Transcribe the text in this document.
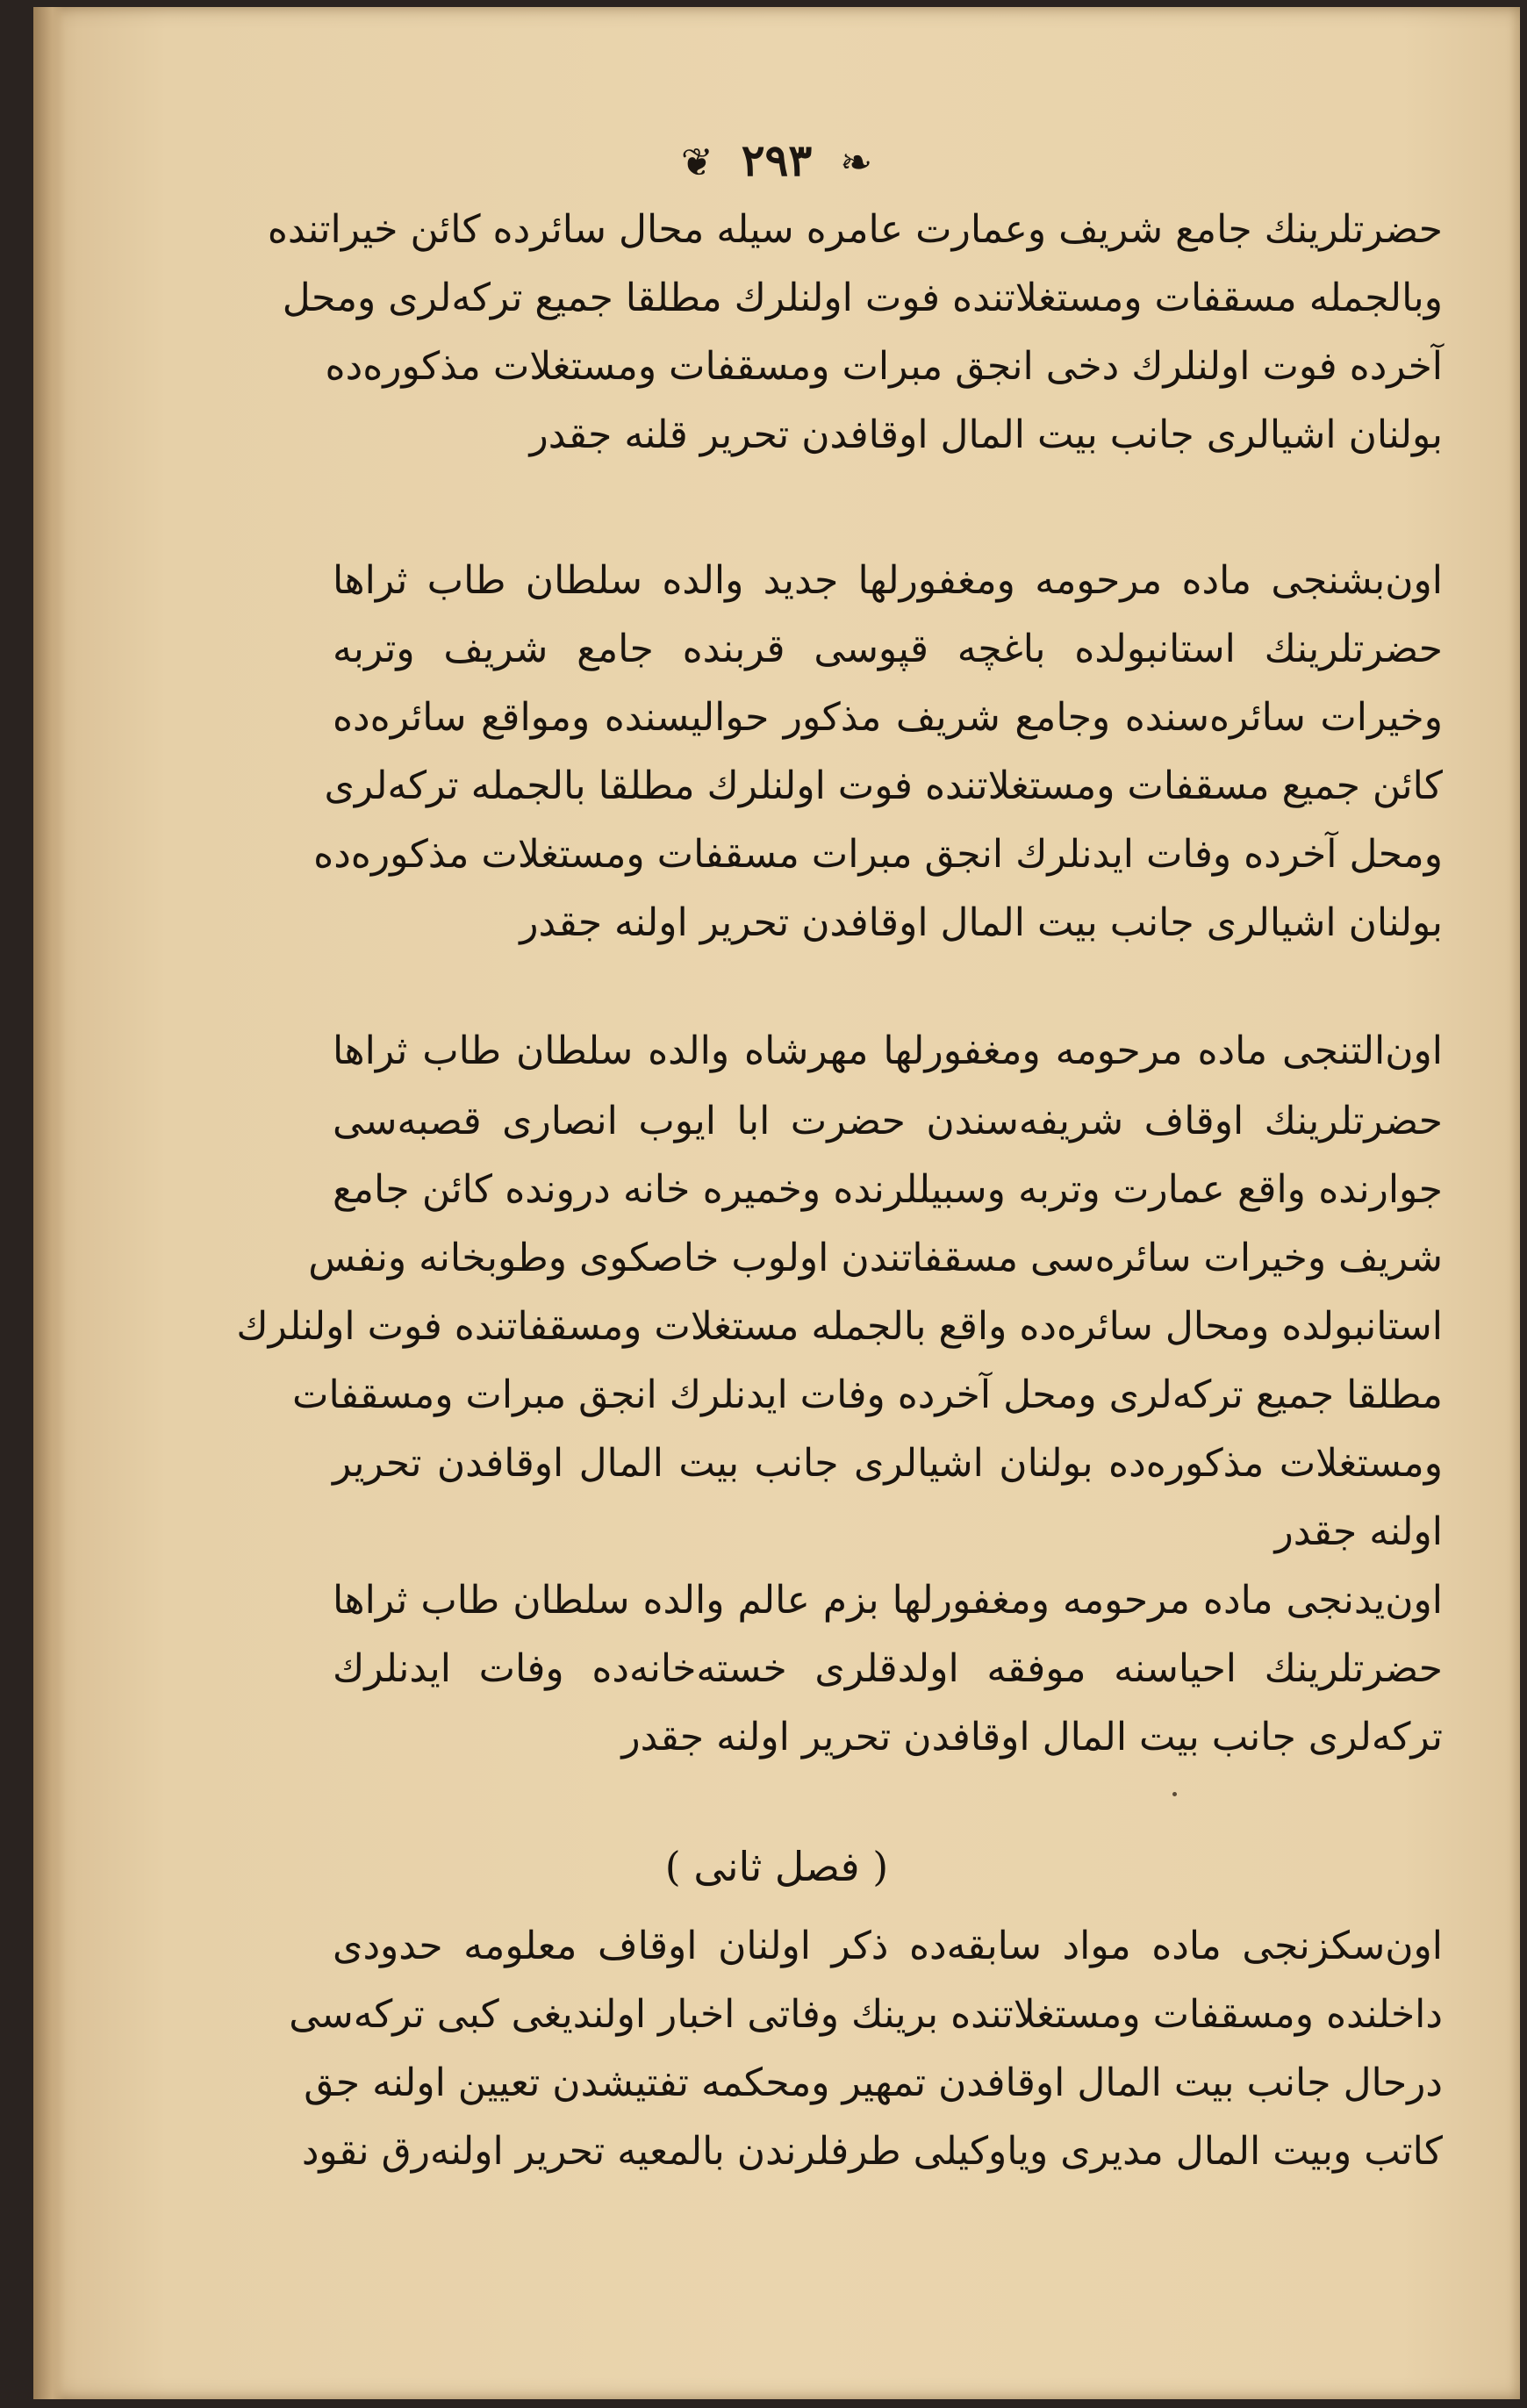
❧ ٢٩٣ ❦
حضرتلرینك جامع شریف وعمارت عامره سیله محال سائرده کائن خیراتنده
وبالجمله مسقفات ومستغلاتنده فوت اولنلرك مطلقا جمیع ترکه‌لری ومحل
آخرده فوت اولنلرك دخی انجق مبرات ومسقفات ومستغلات مذکوره‌ده
بولنان اشیالری جانب بیت المال اوقافدن تحریر قلنه جقدر
اون‌بشنجی ماده مرحومه ومغفورلها جدید والده سلطان طاب ثراها
حضرتلرینك استانبولده باغچه قپوسی قربنده جامع شریف وتربه
وخیرات سائره‌سنده وجامع شریف مذکور حوالیسنده ومواقع سائره‌ده
کائن جمیع مسقفات ومستغلاتنده فوت اولنلرك مطلقا بالجمله ترکه‌لری
ومحل آخرده وفات ایدنلرك انجق مبرات مسقفات ومستغلات مذکوره‌ده
بولنان اشیالری جانب بیت المال اوقافدن تحریر اولنه جقدر
اون‌التنجی ماده مرحومه ومغفورلها مهرشاه والده سلطان طاب ثراها
حضرتلرینك اوقاف شریفه‌سندن حضرت ابا ایوب انصاری قصبه‌سی
جوارنده واقع عمارت وتربه وسبیللرنده وخمیره خانه درونده کائن جامع
شریف وخیرات سائره‌سی مسقفاتندن اولوب خاصکوی وطوبخانه ونفس
استانبولده ومحال سائره‌ده واقع بالجمله مستغلات ومسقفاتنده فوت اولنلرك
مطلقا جمیع ترکه‌لری ومحل آخرده وفات ایدنلرك انجق مبرات ومسقفات
ومستغلات مذکوره‌ده بولنان اشیالری جانب بیت المال اوقافدن تحریر
اولنه جقدر
اون‌یدنجی ماده مرحومه ومغفورلها بزم عالم والده سلطان طاب ثراها
حضرتلرینك احیاسنه موفقه اولدقلری خسته‌خانه‌ده وفات ایدنلرك
ترکه‌لری جانب بیت المال اوقافدن تحریر اولنه جقدر
( فصل ثانی )
اون‌سکزنجی ماده مواد سابقه‌ده ذکر اولنان اوقاف معلومه حدودی
داخلنده ومسقفات ومستغلاتنده برینك وفاتی اخبار اولندیغی کبی ترکه‌سی
درحال جانب بیت المال اوقافدن تمهیر ومحکمه تفتیشدن تعیین اولنه جق
کاتب وبیت المال مدیری ویاوکیلی طرفلرندن بالمعیه تحریر اولنه‌رق نقود
